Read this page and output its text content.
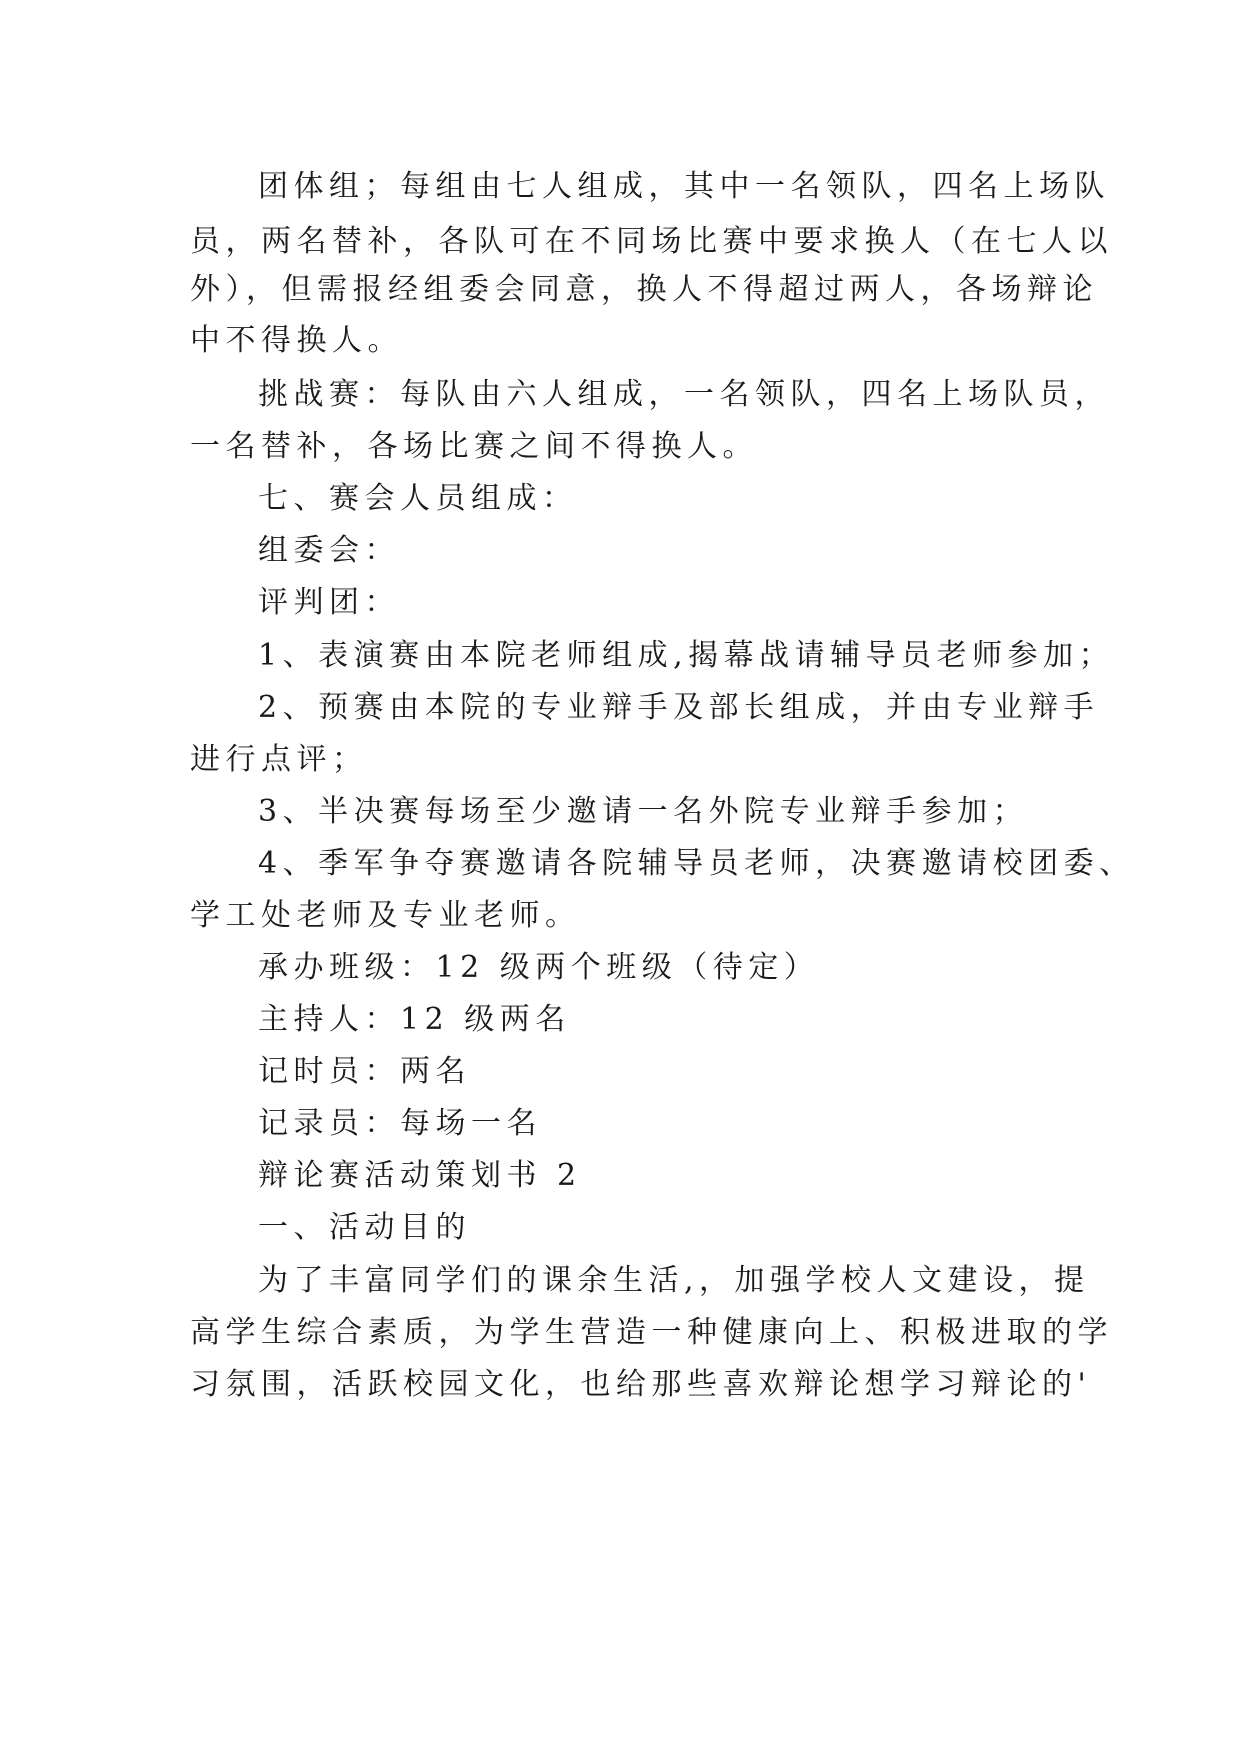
团体组；每组由七人组成，其中一名领队，四名上场队
员，两名替补，各队可在不同场比赛中要求换人（在七人以
外），但需报经组委会同意，换人不得超过两人，各场辩论
中不得换人。
挑战赛：每队由六人组成，一名领队，四名上场队员，
一名替补，各场比赛之间不得换人。
七、赛会人员组成：
组委会：
评判团：
1、表演赛由本院老师组成,揭幕战请辅导员老师参加；
2、预赛由本院的专业辩手及部长组成，并由专业辩手
进行点评；
3、半决赛每场至少邀请一名外院专业辩手参加；
4、季军争夺赛邀请各院辅导员老师，决赛邀请校团委、
学工处老师及专业老师。
承办班级：12 级两个班级（待定）
主持人：12 级两名
记时员：两名
记录员：每场一名
辩论赛活动策划书 2
一、活动目的
为了丰富同学们的课余生活,，加强学校人文建设，提
高学生综合素质，为学生营造一种健康向上、积极进取的学
习氛围，活跃校园文化，也给那些喜欢辩论想学习辩论的'
